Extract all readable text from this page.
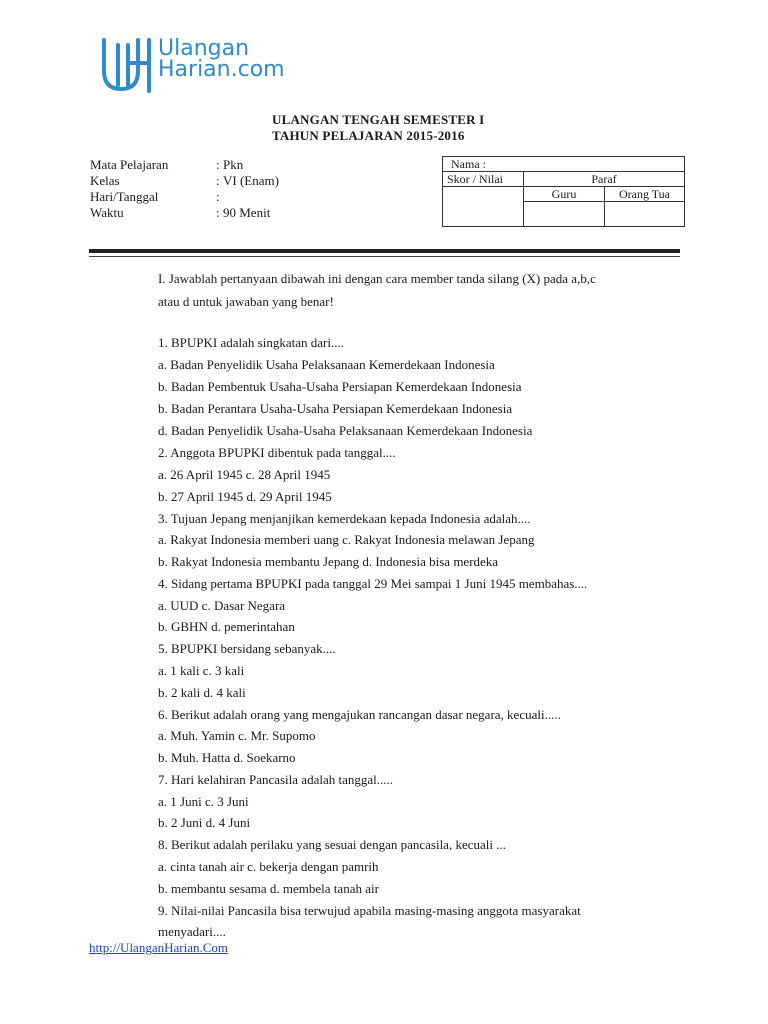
Ulangan
Harian.com
ULANGAN TENGAH SEMESTER I
TAHUN PELAJARAN 2015-2016
Mata Pelajaran	: Pkn
Kelas	: VI (Enam)
Hari/Tanggal	:
Waktu	: 90 Menit
Nama :		
Skor / Nilai	Paraf	
	Guru	Orang Tua

I. Jawablah pertanyaan dibawah ini dengan cara member tanda silang (X) pada a,b,c
atau d untuk jawaban yang benar!
1. BPUPKI adalah singkatan dari....
a. Badan Penyelidik Usaha Pelaksanaan Kemerdekaan Indonesia
b. Badan Pembentuk Usaha-Usaha Persiapan Kemerdekaan Indonesia
b. Badan Perantara Usaha-Usaha Persiapan Kemerdekaan Indonesia
d. Badan Penyelidik Usaha-Usaha Pelaksanaan Kemerdekaan Indonesia
2. Anggota BPUPKI dibentuk pada tanggal....
a. 26 April 1945 c. 28 April 1945
b. 27 April 1945 d. 29 April 1945
3. Tujuan Jepang menjanjikan kemerdekaan kepada Indonesia adalah....
a. Rakyat Indonesia memberi uang c. Rakyat Indonesia melawan Jepang
b. Rakyat Indonesia membantu Jepang d. Indonesia bisa merdeka
4. Sidang pertama BPUPKI pada tanggal 29 Mei sampai 1 Juni 1945 membahas....
a. UUD c. Dasar Negara
b. GBHN d. pemerintahan
5. BPUPKI bersidang sebanyak....
a. 1 kali c. 3 kali
b. 2 kali d. 4 kali
6. Berikut adalah orang yang mengajukan rancangan dasar negara, kecuali.....
a. Muh. Yamin c. Mr. Supomo
b. Muh. Hatta d. Soekarno
7. Hari kelahiran Pancasila adalah tanggal.....
a. 1 Juni c. 3 Juni
b. 2 Juni d. 4 Juni
8. Berikut adalah perilaku yang sesuai dengan pancasila, kecuali ...
a. cinta tanah air c. bekerja dengan pamrih
b. membantu sesama d. membela tanah air
9. Nilai-nilai Pancasila bisa terwujud apabila masing-masing anggota masyarakat
menyadari....
http://UlanganHarian.Com
